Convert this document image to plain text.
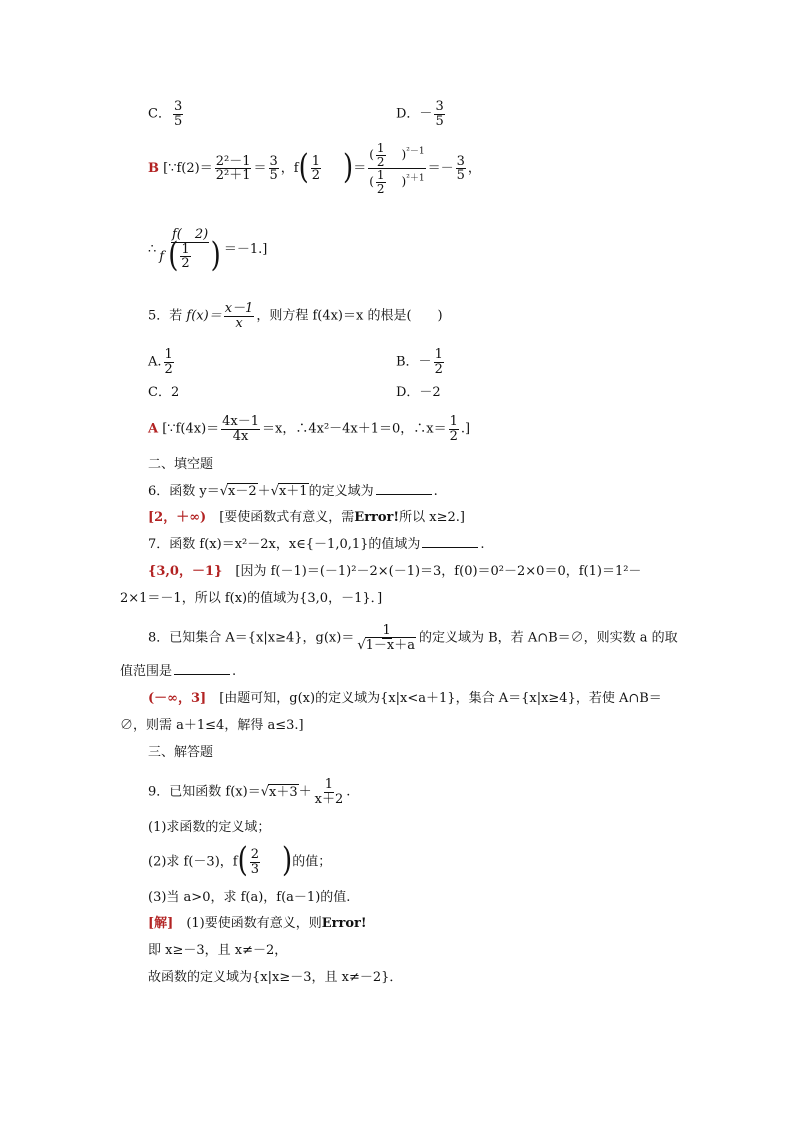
C． $\frac{3}{5}$	D．－ $\frac{3}{5}$
B [∵f(2)＝ $\frac{\text{2²－1}}{\text{2²＋1}} = \frac{3}{5}$ ，f ( $\frac{1}{2}$ ) ＝ $\frac{( \frac{1}{2} )^{^2-1}}{( \frac{1}{2} )^{^2+1}} =- \frac{3}{5}$ ，
∴ $\frac{f( 2)}{f ( \frac{1}{2} )} =-1$.]
5．若 $f(x)= \frac{x-1}{x}$ ，则方程 f(4x)＝x 的根是(　　)
A. $\frac{1}{2}$	B．－ $\frac{1}{2}$
C．2	D．－2
A [∵f(4x)＝ $\frac{4x-1}{4x} =x$，∴4x²－4x＋1＝0，∴x＝ $\frac{1}{2}$ .]
二、填空题
6．函数 y＝√x－2＋√x＋1的定义域为	.
[2，＋∞)　 [要使函数式有意义，需Error!所以 x≥2.]
7．函数 f(x)＝x²－2x，x∈{－1,0,1}的值域为	.
{3,0，－1}　 [因为 f(－1)＝(－1)²－2×(－1)＝3，f(0)＝0²－2×0＝0，f(1)＝1²－
2×1＝－1，所以 f(x)的值域为{3,0，－1}．]
8．已知集合 A＝{x|x≥4}，$g(x)= \frac{1}{√1-x+a}$ 的定义域为 B，若 A∩B＝∅，则实数 a 的取
值范围是	.
(－∞，3]　 [由题可知，g(x)的定义域为{x|x<a＋1}，集合 A＝{x|x≥4}，若使 A∩B＝
∅，则需 a＋1≤4，解得 a≤3.]
三、解答题
9．已知函数 $f(x)=√x+3+ \frac{1}{x+2}$ .
(1)求函数的定义域；
(2)求 f(－3)，f ( $\frac{2}{3}$ ) 的值；
(3)当 a>0，求 f(a)，f(a－1)的值.
[解]　 (1)要使函数有意义，则Error!
即 x≥－3，且 x≠－2，
故函数的定义域为{x|x≥－3，且 x≠－2}．
